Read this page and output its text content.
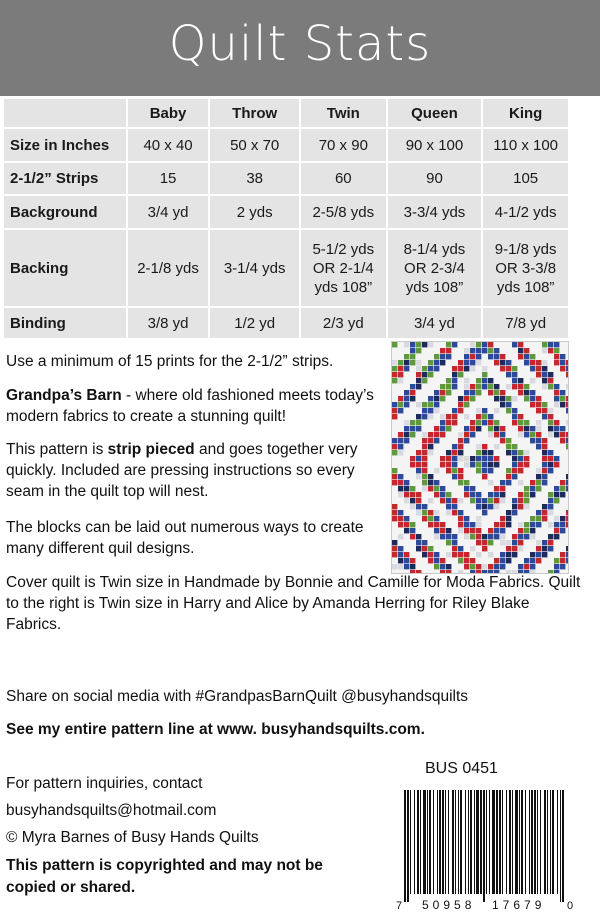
Quilt Stats
	Baby	Throw	Twin	Queen	King
Size in Inches	40 x 40	50 x 70	70 x 90	90 x 100	110 x 100
2-1/2” Strips	15	38	60	90	105
Background	3/4 yd	2 yds	2-5/8 yds	3-3/4 yds	4-1/2 yds
Backing	2-1/8 yds	3-1/4 yds	5-1/2 yds OR 2-1/4 yds 108”	8-1/4 yds OR 2-3/4 yds 108”	9-1/8 yds OR 3-3/8 yds 108”
Binding	3/8 yd	1/2 yd	2/3 yd	3/4 yd	7/8 yd

Use a minimum of 15 prints for the 2-1/2” strips.

Grandpa’s Barn - where old fashioned meets today’s modern fabrics to create a stunning quilt!

This pattern is strip pieced and goes together very quickly. Included are pressing instructions so every seam in the quilt top will nest.

The blocks can be laid out numerous ways to create many different quil designs.

Cover quilt is Twin size in Handmade by Bonnie and Camille for Moda Fabrics. Quilt to the right is Twin size in Harry and Alice by Amanda Herring for Riley Blake Fabrics.

Share on social media with #GrandpasBarnQuilt @busyhandsquilts

See my entire pattern line at www. busyhandsquilts.com.

For pattern inquiries, contact

busyhandsquilts@hotmail.com

© Myra Barnes of Busy Hands Quilts

This pattern is copyrighted and may not be copied or shared.

BUS 0451

7 50958 17679 0
